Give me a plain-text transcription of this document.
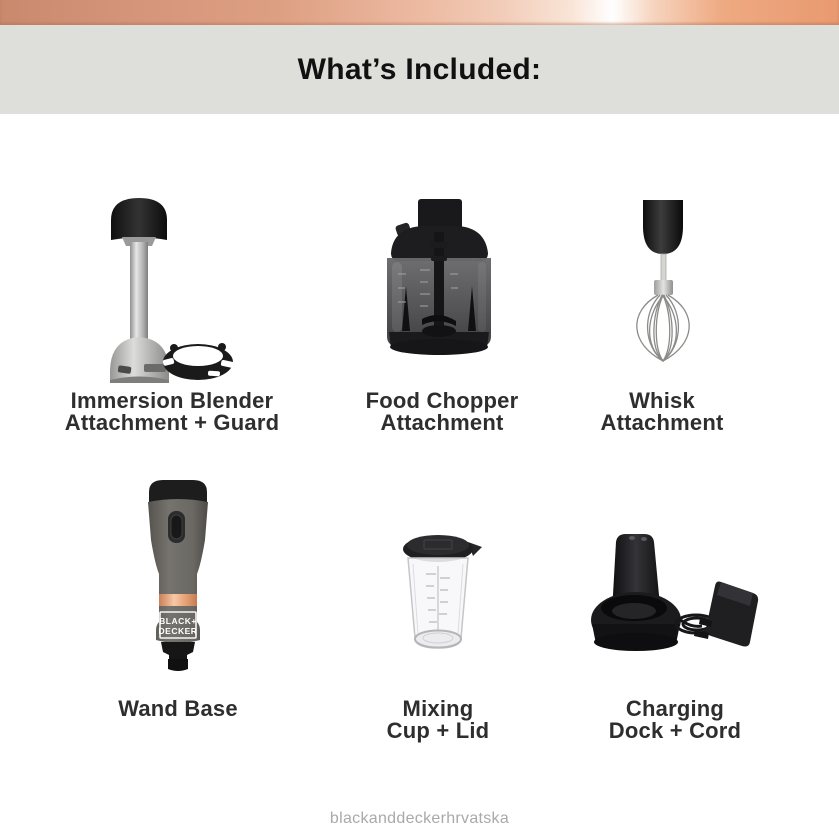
What’s Included:
Immersion Blender
Attachment + Guard
Food Chopper
Attachment
Whisk
Attachment
BLACK+
DECKER
Wand Base	Mixing
Cup + Lid
Charging
Dock + Cord
blackanddeckerhrvatska
